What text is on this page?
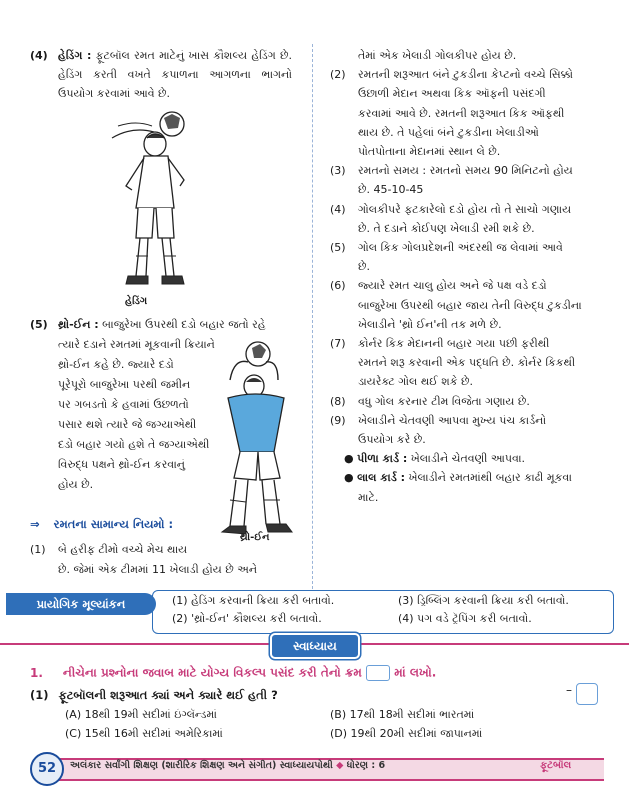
(4) હેડિંગ : ફૂટબૉલ રમત માટેનું ખાસ કૌશલ્ય હેડિંગ છે. હેડિંગ કરતી વખતે કપાળના આગળના ભાગનો ઉપયોગ કરવામાં આવે છે.
હેડિંગ
(5) થ્રો-ઈન : બાજુરેખા ઉપરથી દડો બહાર જતો રહે
ત્યારે દડાને રમતમાં મૂકવાની ક્રિયાને
થ્રો-ઈન કહે છે. જ્યારે દડો
પૂરેપૂરો બાજુરેખા પરથી જમીન
પર ગબડતો કે હવામાં ઉછળતો
પસાર થશે ત્યારે જે જગ્યાએથી
દડો બહાર ગયો હશે તે જગ્યાએથી
વિરુદ્ધ પક્ષને થ્રો-ઈન કરવાનું
હોય છે.
થ્રો-ઈન
⇒ રમતના સામાન્ય નિયમો :
(1) બે હરીફ ટીમો વચ્ચે મેચ થાય
છે. જેમાં એક ટીમમાં 11 ખેલાડી હોય છે અને
તેમાં એક ખેલાડી ગોલકીપર હોય છે.
(2)	રમતની શરૂઆત બંને ટુકડીના કેપ્ટનો વચ્ચે સિક્કો
ઉછાળી મેદાન અથવા કિક ઑફની પસંદગી
કરવામાં આવે છે. રમતની શરૂઆત કિક ઑફથી
થાય છે. તે પહેલાં બંને ટુકડીના ખેલાડીઓ
પોતપોતાના મેદાનમાં સ્થાન લે છે.
(3)	રમતનો સમય : રમતનો સમય 90 મિનિટનો હોય
છે. 45-10-45
(4)	ગોલકીપરે ફટકારેલો દડો હોય તો તે સાચો ગણાય
છે. તે દડાને કોઈપણ ખેલાડી રમી શકે છે.
(5)	ગોલ કિક ગોલપ્રદેશની અંદરથી જ લેવામાં આવે
છે.
(6)	જ્યારે રમત ચાલુ હોય અને જે પક્ષ વડે દડો
બાજુરેખા ઉપરથી બહાર જાય તેની વિરુદ્ધ ટુકડીના
ખેલાડીને 'થ્રો ઈન'ની તક મળે છે.
(7)	કોર્નર કિક મેદાનની બહાર ગયા પછી ફરીથી
રમતને શરૂ કરવાની એક પદ્ધતિ છે. કોર્નર કિકથી
ડાયરેક્ટ ગોલ થઈ શકે છે.
(8)	વધુ ગોલ કરનાર ટીમ વિજેતા ગણાય છે.
(9)	ખેલાડીને ચેતવણી આપવા મુખ્ય પંચ કાર્ડનો
ઉપયોગ કરે છે.
● પીળા કાર્ડ : ખેલાડીને ચેતવણી આપવા.
● લાલ કાર્ડ : ખેલાડીને રમતમાંથી બહાર કાઢી મૂકવા
માટે.
પ્રાયોગિક મૂલ્યાંકન	(1) હેડિંગ કરવાની ક્રિયા કરી બતાવો.	(3) ડ્રિબ્લિંગ કરવાની ક્રિયા કરી બતાવો.
(2) 'થ્રો-ઈન' કૌશલ્ય કરી બતાવો.	(4) પગ વડે ટ્રૅપિંગ કરી બતાવો.
સ્વાધ્યાય
1. નીચેના પ્રશ્નોના જવાબ માટે યોગ્ય વિકલ્પ પસંદ કરી તેનો ક્રમ	માં લખો.
(1) ફૂટબૉલની શરૂઆત ક્યાં અને ક્યારે થઈ હતી ?	–
(A) 18થી 19મી સદીમાં ઇંગ્લૅન્ડમાં	(B) 17થી 18મી સદીમાં ભારતમાં
(C) 15થી 16મી સદીમાં અમેરિકામાં	(D) 19થી 20મી સદીમાં જાપાનમાં
52	અલંકાર સર્વાંગી શિક્ષણ (શારીરિક શિક્ષણ અને સંગીત) સ્વાધ્યાયપોથી ◆ ધોરણ : 6	ફૂટબૉલ
